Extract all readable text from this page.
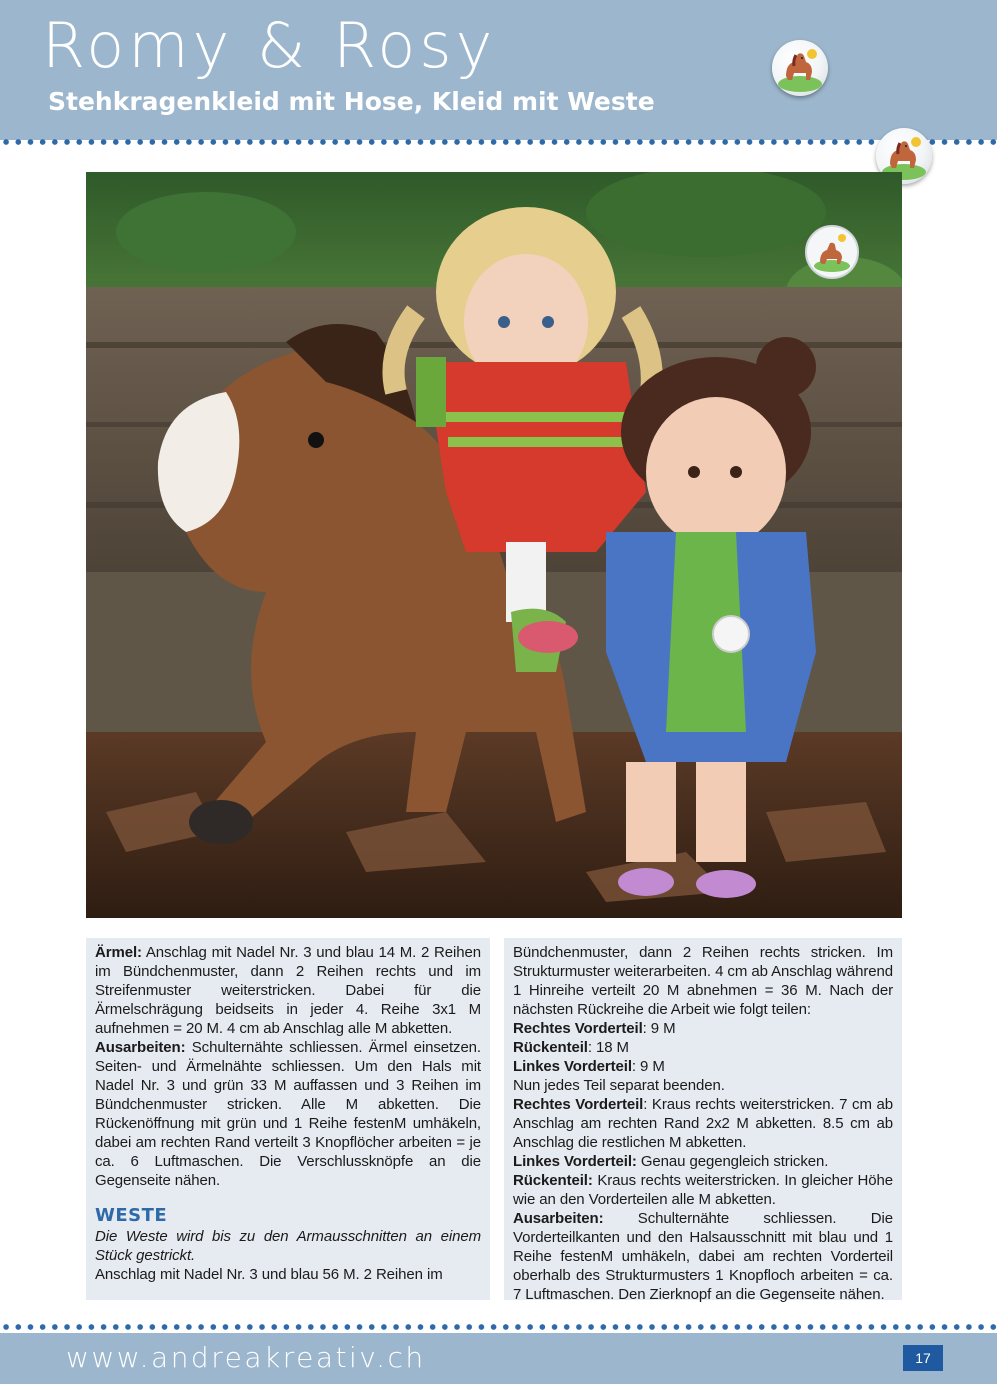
Romy & Rosy
Stehkragenkleid mit Hose, Kleid mit Weste

Ärmel: Anschlag mit Nadel Nr. 3 und blau 14 M. 2 Reihen im Bündchenmuster, dann 2 Reihen rechts und im Streifenmuster weiterstricken. Dabei für die Ärmelschrägung beidseits in jeder 4. Reihe 3x1 M aufnehmen = 20 M. 4 cm ab Anschlag alle M abketten.

Ausarbeiten: Schulternähte schliessen. Ärmel einsetzen. Seiten- und Ärmelnähte schliessen. Um den Hals mit Nadel Nr. 3 und grün 33 M auffassen und 3 Reihen im Bündchenmuster stricken. Alle M abketten. Die Rückenöffnung mit grün und 1 Reihe festenM umhäkeln, dabei am rechten Rand verteilt 3 Knopflöcher arbeiten = je ca. 6 Luftmaschen. Die Verschlussknöpfe an die Gegenseite nähen.

WESTE

Die Weste wird bis zu den Armausschnitten an einem Stück gestrickt.

Anschlag mit Nadel Nr. 3 und blau 56 M. 2 Reihen im

Bündchenmuster, dann 2 Reihen rechts stricken. Im Strukturmuster weiterarbeiten. 4 cm ab Anschlag während 1 Hinreihe verteilt 20 M abnehmen = 36 M. Nach der nächsten Rückreihe die Arbeit wie folgt teilen:

Rechtes Vorderteil: 9 M

Rückenteil: 18 M

Linkes Vorderteil: 9 M

Nun jedes Teil separat beenden.

Rechtes Vorderteil: Kraus rechts weiterstricken. 7 cm ab Anschlag am rechten Rand 2x2 M abketten. 8.5 cm ab Anschlag die restlichen M abketten.

Linkes Vorderteil: Genau gegengleich stricken.

Rückenteil: Kraus rechts weiterstricken. In gleicher Höhe wie an den Vorderteilen alle M abketten.

Ausarbeiten: Schulternähte schliessen. Die Vorderteilkanten und den Halsausschnitt mit blau und 1 Reihe festenM umhäkeln, dabei am rechten Vorderteil oberhalb des Strukturmusters 1 Knopfloch arbeiten = ca. 7 Luftmaschen. Den Zierknopf an die Gegenseite nähen.

www.andreakreativ.ch	17
